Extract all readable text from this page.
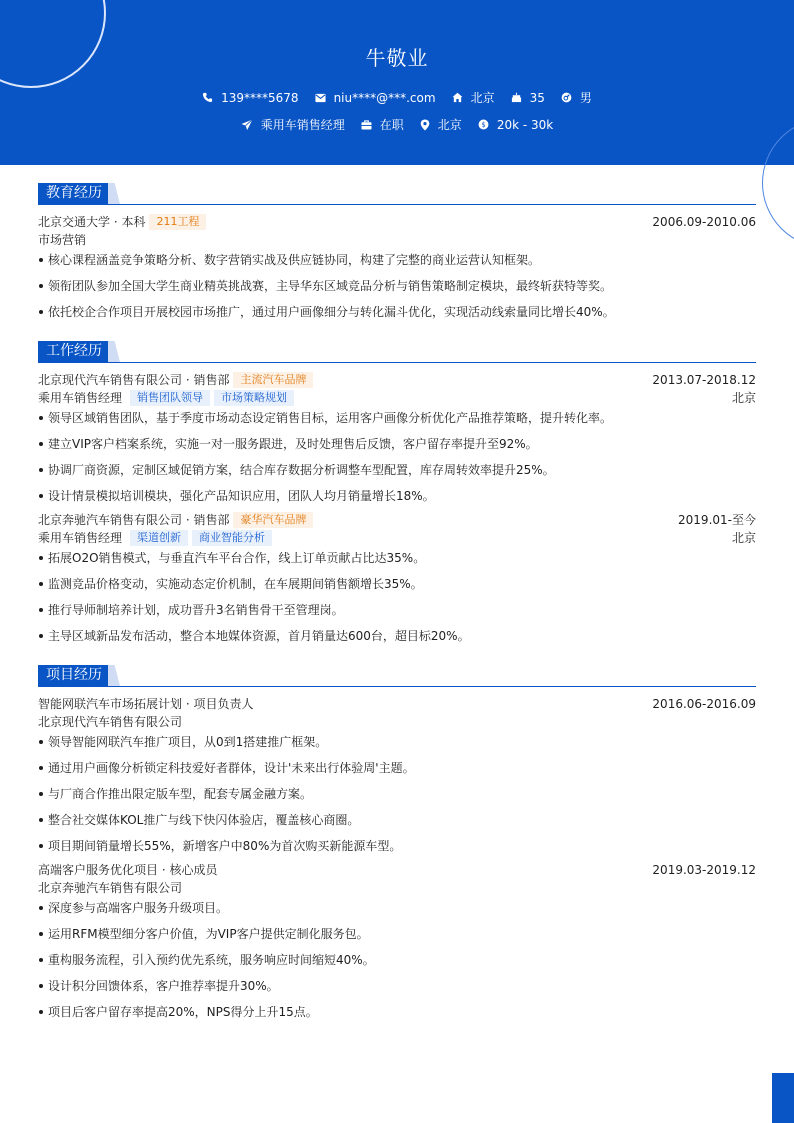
牛敬业
139****5678	niu****@***.com	北京	35	男
乘用车销售经理	在职	北京	$ 20k - 30k
教育经历
北京交通大学 · 本科 211工程	2006.09-2010.06
市场营销
核心课程涵盖竞争策略分析、数字营销实战及供应链协同，构建了完整的商业运营认知框架。
领衔团队参加全国大学生商业精英挑战赛，主导华东区域竞品分析与销售策略制定模块，最终斩获特等奖。
依托校企合作项目开展校园市场推广，通过用户画像细分与转化漏斗优化，实现活动线索量同比增长40%。
工作经历
北京现代汽车销售有限公司 · 销售部 主流汽车品牌	2013.07-2018.12
乘用车销售经理 销售团队领导 市场策略规划	北京
领导区域销售团队，基于季度市场动态设定销售目标，运用客户画像分析优化产品推荐策略，提升转化率。
建立VIP客户档案系统，实施一对一服务跟进，及时处理售后反馈，客户留存率提升至92%。
协调厂商资源，定制区域促销方案，结合库存数据分析调整车型配置，库存周转效率提升25%。
设计情景模拟培训模块，强化产品知识应用，团队人均月销量增长18%。
北京奔驰汽车销售有限公司 · 销售部 豪华汽车品牌	2019.01-至今
乘用车销售经理 渠道创新 商业智能分析	北京
拓展O2O销售模式，与垂直汽车平台合作，线上订单贡献占比达35%。
监测竞品价格变动，实施动态定价机制，在车展期间销售额增长35%。
推行导师制培养计划，成功晋升3名销售骨干至管理岗。
主导区域新品发布活动，整合本地媒体资源，首月销量达600台，超目标20%。
项目经历
智能网联汽车市场拓展计划 · 项目负责人	2016.06-2016.09
北京现代汽车销售有限公司
领导智能网联汽车推广项目，从0到1搭建推广框架。
通过用户画像分析锁定科技爱好者群体，设计'未来出行体验周'主题。
与厂商合作推出限定版车型，配套专属金融方案。
整合社交媒体KOL推广与线下快闪体验店，覆盖核心商圈。
项目期间销量增长55%，新增客户中80%为首次购买新能源车型。
高端客户服务优化项目 · 核心成员	2019.03-2019.12
北京奔驰汽车销售有限公司
深度参与高端客户服务升级项目。
运用RFM模型细分客户价值，为VIP客户提供定制化服务包。
重构服务流程，引入预约优先系统，服务响应时间缩短40%。
设计积分回馈体系，客户推荐率提升30%。
项目后客户留存率提高20%，NPS得分上升15点。
